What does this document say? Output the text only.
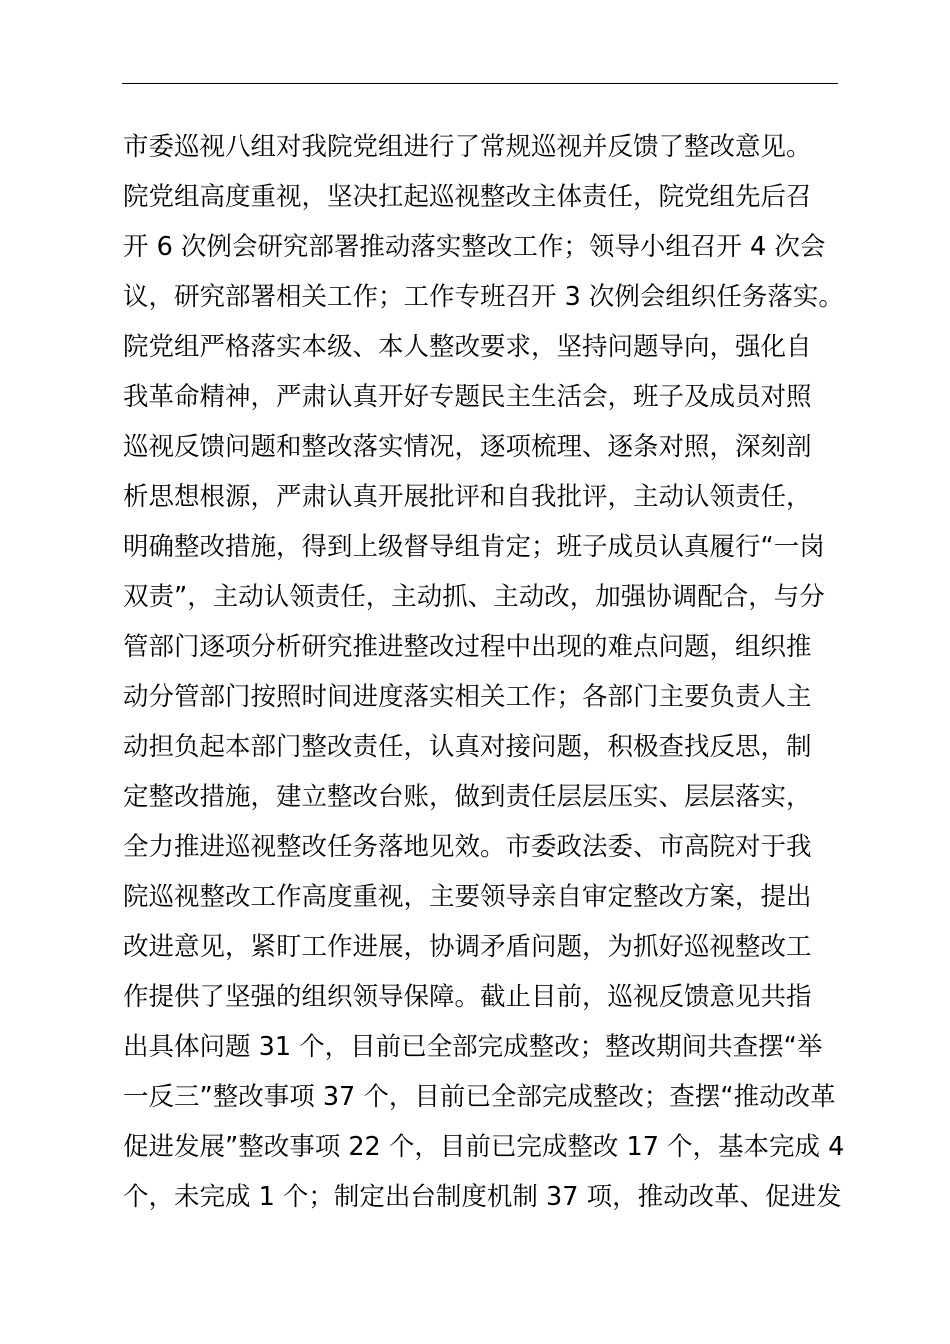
市委巡视八组对我院党组进行了常规巡视并反馈了整改意见。
院党组高度重视，坚决扛起巡视整改主体责任，院党组先后召
开 6 次例会研究部署推动落实整改工作；领导小组召开 4 次会
议，研究部署相关工作；工作专班召开 3 次例会组织任务落实。
院党组严格落实本级、本人整改要求，坚持问题导向，强化自
我革命精神，严肃认真开好专题民主生活会，班子及成员对照
巡视反馈问题和整改落实情况，逐项梳理、逐条对照，深刻剖
析思想根源，严肃认真开展批评和自我批评，主动认领责任，
明确整改措施，得到上级督导组肯定；班子成员认真履行“一岗
双责”，主动认领责任，主动抓、主动改，加强协调配合，与分
管部门逐项分析研究推进整改过程中出现的难点问题，组织推
动分管部门按照时间进度落实相关工作；各部门主要负责人主
动担负起本部门整改责任，认真对接问题，积极查找反思，制
定整改措施，建立整改台账，做到责任层层压实、层层落实，
全力推进巡视整改任务落地见效。市委政法委、市高院对于我
院巡视整改工作高度重视，主要领导亲自审定整改方案，提出
改进意见，紧盯工作进展，协调矛盾问题，为抓好巡视整改工
作提供了坚强的组织领导保障。截止目前，巡视反馈意见共指
出具体问题 31 个，目前已全部完成整改；整改期间共查摆“举
一反三”整改事项 37 个，目前已全部完成整改；查摆“推动改革
促进发展”整改事项 22 个，目前已完成整改 17 个，基本完成 4
个，未完成 1 个；制定出台制度机制 37 项，推动改革、促进发
